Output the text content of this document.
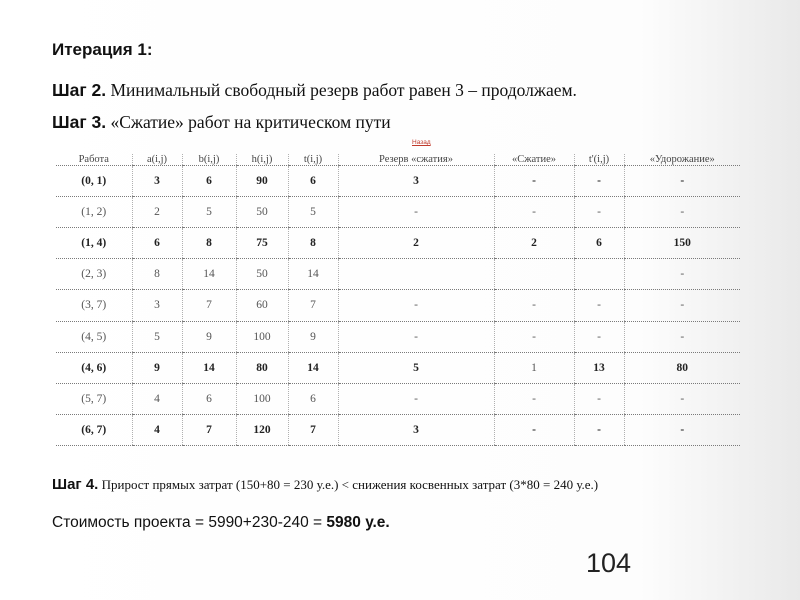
Итерация 1:
Шаг 2. Минимальный свободный резерв работ равен 3 – продолжаем.
Шаг 3. «Сжатие» работ на критическом пути
Назад
Работа	a(i,j)	b(i,j)	h(i,j)	t(i,j)	Резерв «сжатия»	«Сжатие»	t'(i,j)	«Удорожание»
(0, 1)	3	6	90	6	3	-	-	-
(1, 2)	2	5	50	5	-	-	-	-
(1, 4)	6	8	75	8	2	2	6	150
(2, 3)	8	14	50	14				-
(3, 7)	3	7	60	7	-	-	-	-
(4, 5)	5	9	100	9	-	-	-	-
(4, 6)	9	14	80	14	5	1	13	80
(5, 7)	4	6	100	6	-	-	-	-
(6, 7)	4	7	120	7	3	-	-	-
Шаг 4. Прирост прямых затрат (150+80 = 230 у.е.) < снижения косвенных затрат (3*80 = 240 у.е.)
Стоимость проекта = 5990+230-240 = 5980 у.е.
104
